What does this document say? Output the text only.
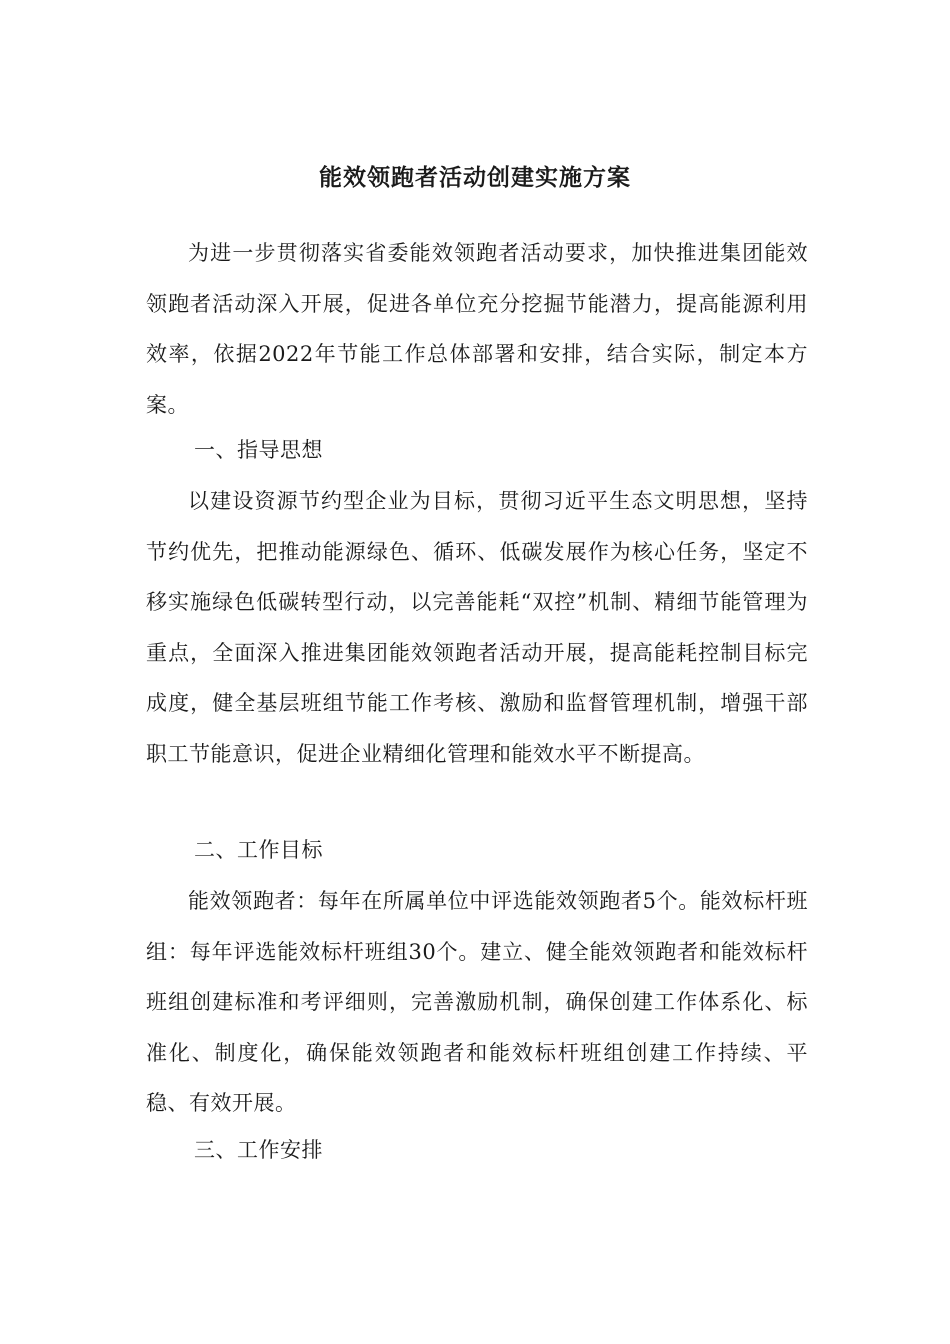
能效领跑者活动创建实施方案

为进一步贯彻落实省委能效领跑者活动要求，加快推进集团能效领跑者活动深入开展，促进各单位充分挖掘节能潜力，提高能源利用效率，依据2022年节能工作总体部署和安排，结合实际，制定本方案。

一、指导思想

以建设资源节约型企业为目标，贯彻习近平生态文明思想，坚持节约优先，把推动能源绿色、循环、低碳发展作为核心任务，坚定不移实施绿色低碳转型行动，以完善能耗“双控”机制、精细节能管理为重点，全面深入推进集团能效领跑者活动开展，提高能耗控制目标完成度，健全基层班组节能工作考核、激励和监督管理机制，增强干部职工节能意识，促进企业精细化管理和能效水平不断提高。

二、工作目标

能效领跑者：每年在所属单位中评选能效领跑者5个。能效标杆班组：每年评选能效标杆班组30个。建立、健全能效领跑者和能效标杆班组创建标准和考评细则，完善激励机制，确保创建工作体系化、标准化、制度化，确保能效领跑者和能效标杆班组创建工作持续、平稳、有效开展。

三、工作安排
